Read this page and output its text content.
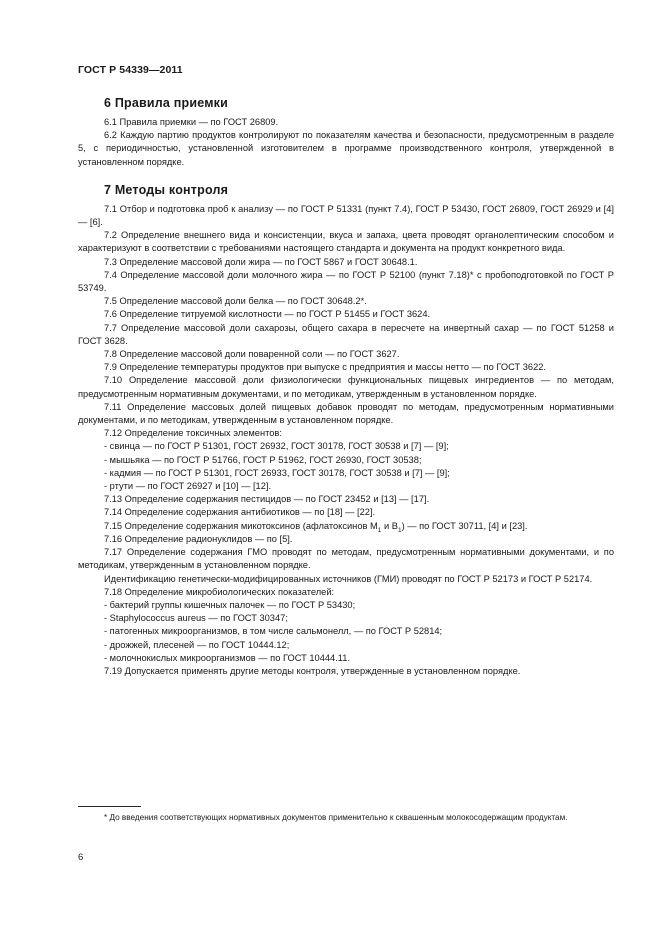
ГОСТ Р 54339—2011
6 Правила приемки

6.1 Правила приемки — по ГОСТ 26809.

6.2 Каждую партию продуктов контролируют по показателям качества и безопасности, предусмотренным в разделе 5, с периодичностью, установленной изготовителем в программе производственного контроля, утвержденной в установленном порядке.

7 Методы контроля

7.1 Отбор и подготовка проб к анализу — по ГОСТ Р 51331 (пункт 7.4), ГОСТ Р 53430, ГОСТ 26809, ГОСТ 26929 и [4] — [6].

7.2 Определение внешнего вида и консистенции, вкуса и запаха, цвета проводят органолептическим способом и характеризуют в соответствии с требованиями настоящего стандарта и документа на продукт конкретного вида.

7.3 Определение массовой доли жира — по ГОСТ 5867 и ГОСТ 30648.1.

7.4 Определение массовой доли молочного жира — по ГОСТ Р 52100 (пункт 7.18)* с пробоподготовкой по ГОСТ Р 53749.

7.5 Определение массовой доли белка — по ГОСТ 30648.2*.

7.6 Определение титруемой кислотности — по ГОСТ Р 51455 и ГОСТ 3624.

7.7 Определение массовой доли сахарозы, общего сахара в пересчете на инвертный сахар — по ГОСТ 51258 и ГОСТ 3628.

7.8 Определение массовой доли поваренной соли — по ГОСТ 3627.

7.9 Определение температуры продуктов при выпуске с предприятия и массы нетто — по ГОСТ 3622.

7.10 Определение массовой доли физиологически функциональных пищевых ингредиентов — по методам, предусмотренным нормативным документами, и по методикам, утвержденным в установленном порядке.

7.11 Определение массовых долей пищевых добавок проводят по методам, предусмотренным нормативными документами, и по методикам, утвержденным в установленном порядке.

7.12 Определение токсичных элементов:

- свинца — по ГОСТ Р 51301, ГОСТ 26932, ГОСТ 30178, ГОСТ 30538 и [7] — [9];

- мышьяка — по ГОСТ Р 51766, ГОСТ Р 51962, ГОСТ 26930, ГОСТ 30538;

- кадмия — по ГОСТ Р 51301, ГОСТ 26933, ГОСТ 30178, ГОСТ 30538 и [7] — [9];

- ртути — по ГОСТ 26927 и [10] — [12].

7.13 Определение содержания пестицидов — по ГОСТ 23452 и [13] — [17].

7.14 Определение содержания антибиотиков — по [18] — [22].

7.15 Определение содержания микотоксинов (афлатоксинов $M_1$ и $B_1$) — по ГОСТ 30711, [4] и [23].

7.16 Определение радионуклидов — по [5].

7.17 Определение содержания ГМО проводят по методам, предусмотренным нормативными документами, и по методикам, утвержденным в установленном порядке.

Идентификацию генетически-модифицированных источников (ГМИ) проводят по ГОСТ Р 52173 и ГОСТ Р 52174.

7.18 Определение микробиологических показателей:

- бактерий группы кишечных палочек — по ГОСТ Р 53430;

- Staphylococcus aureus — по ГОСТ 30347;

- патогенных микроорганизмов, в том числе сальмонелл, — по ГОСТ Р 52814;

- дрожжей, плесеней — по ГОСТ 10444.12;

- молочнокислых микроорганизмов — по ГОСТ 10444.11.

7.19 Допускается применять другие методы контроля, утвержденные в установленном порядке.

* До введения соответствующих нормативных документов применительно к сквашенным молокосодержащим продуктам.
6
